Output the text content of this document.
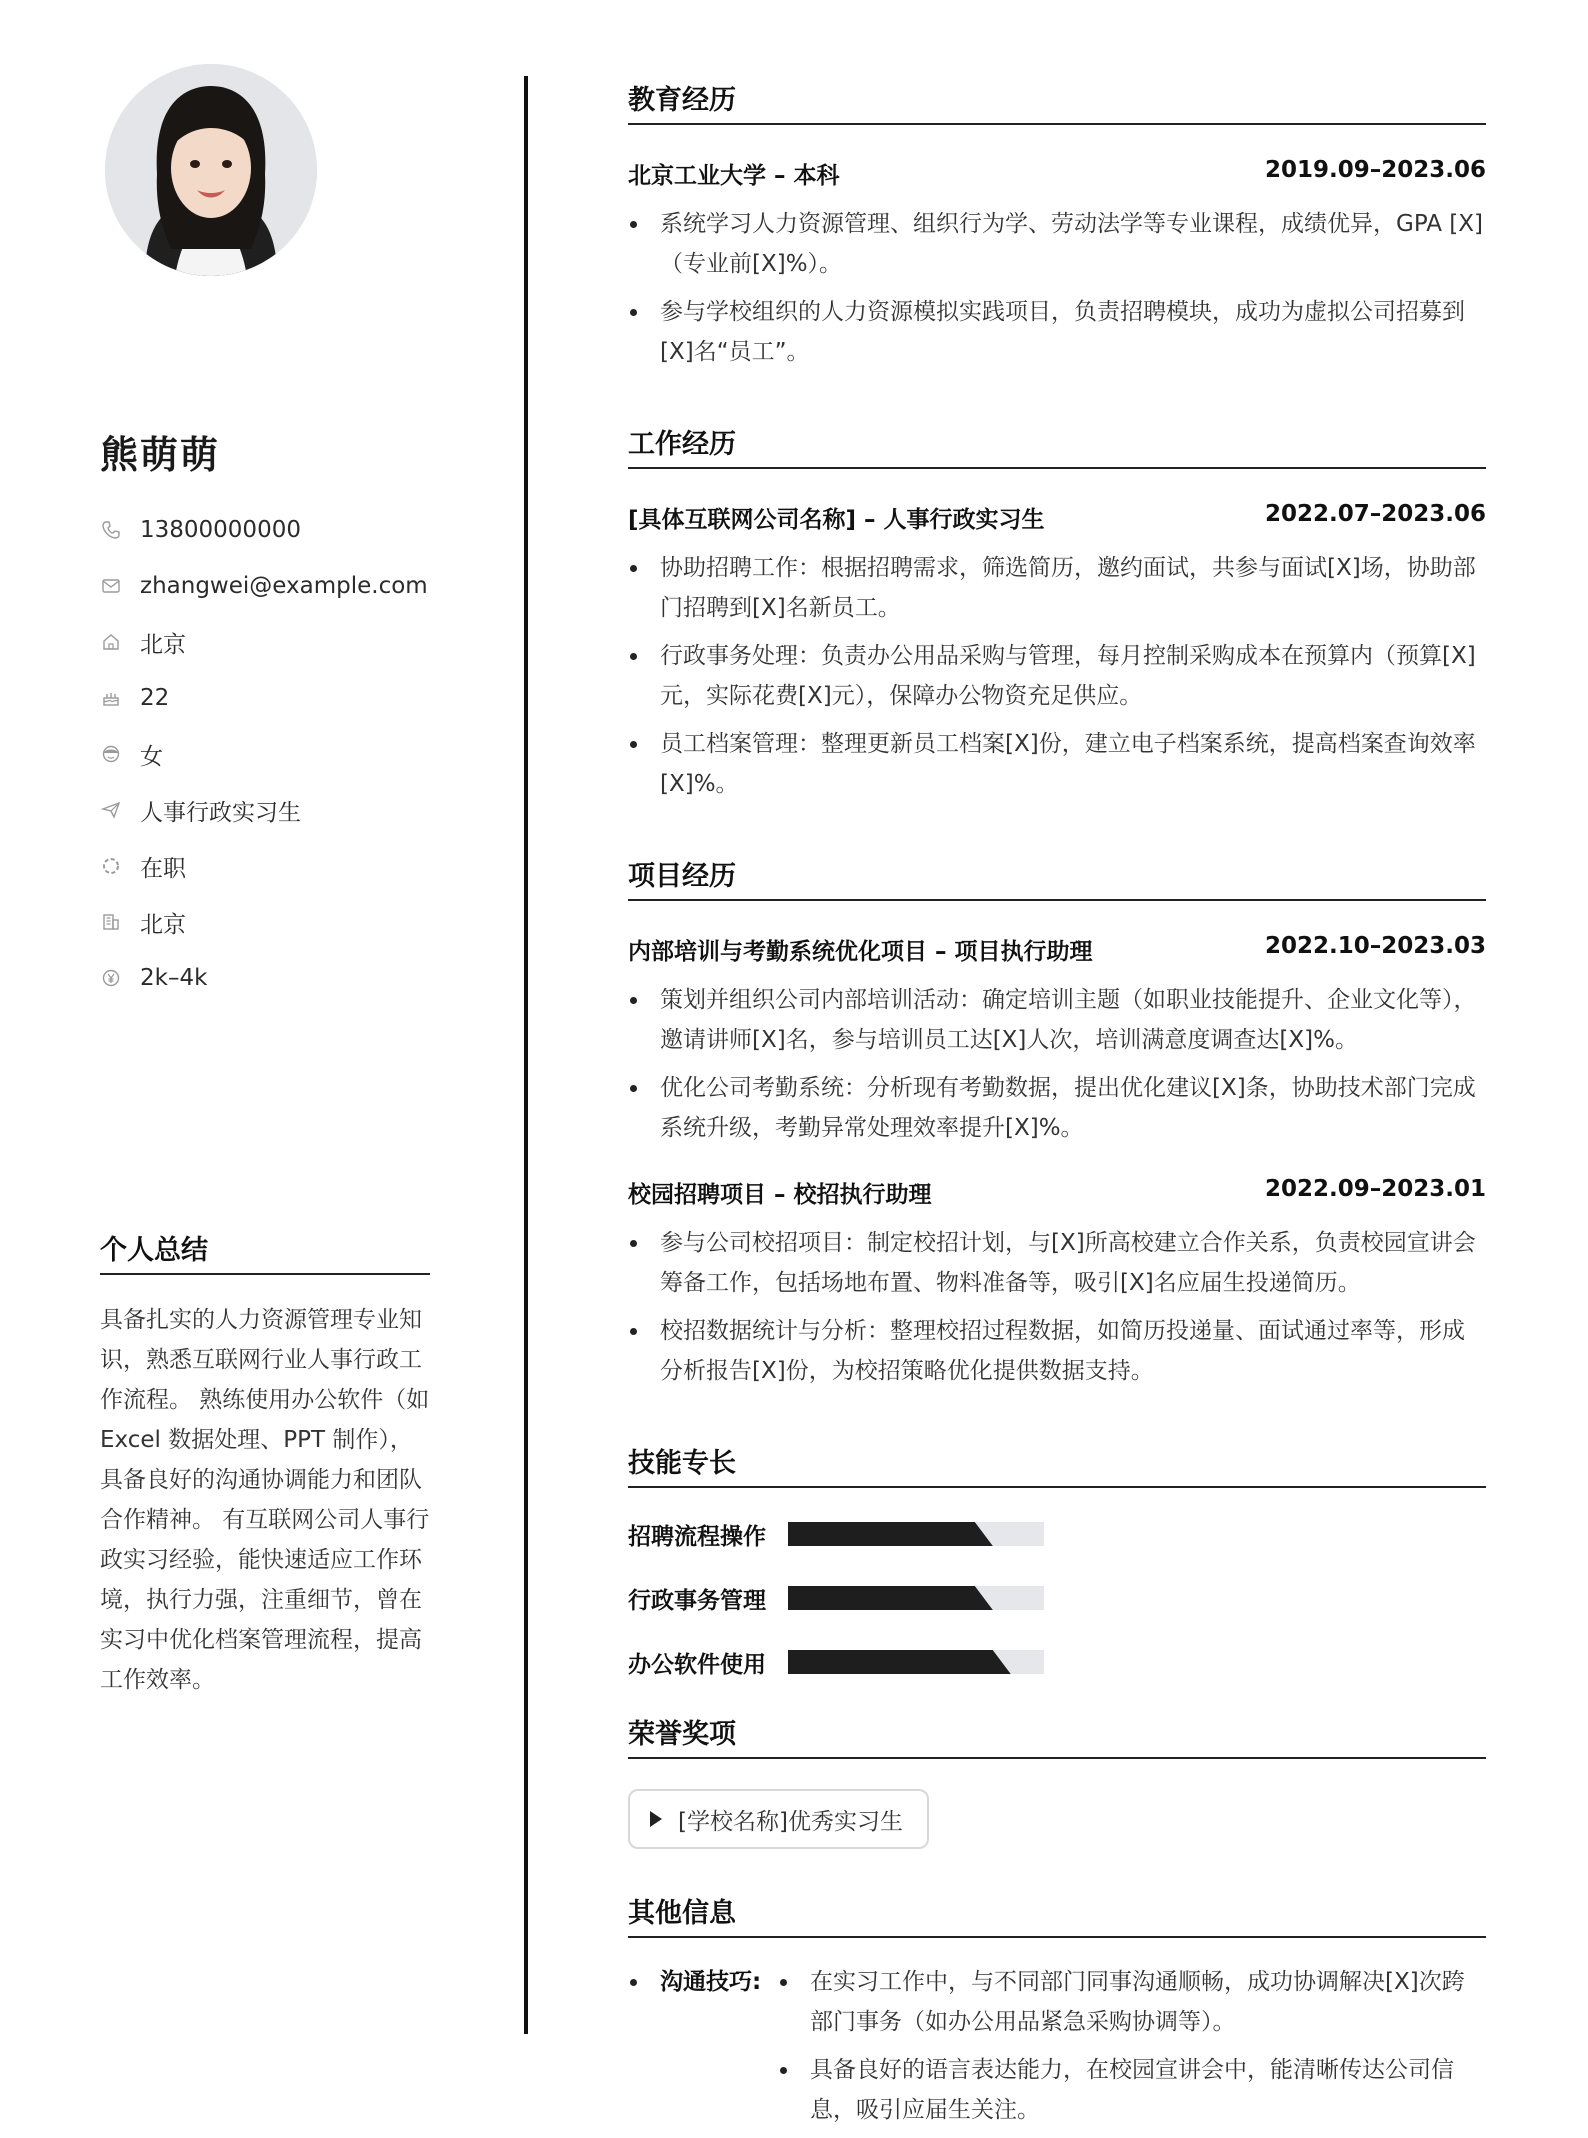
熊萌萌
13800000000
zhangwei@example.com
北京
22
女
人事行政实习生
在职
北京
2k–4k
个人总结
具备扎实的人力资源管理专业知识，熟悉互联网行业人事行政工作流程。 熟练使用办公软件（如 Excel 数据处理、PPT 制作），具备良好的沟通协调能力和团队合作精神。 有互联网公司人事行政实习经验，能快速适应工作环境，执行力强，注重细节，曾在实习中优化档案管理流程，提高工作效率。
教育经历
北京工业大学 – 本科	2019.09–2023.06
系统学习人力资源管理、组织行为学、劳动法学等专业课程，成绩优异，GPA [X]（专业前[X]%）。
参与学校组织的人力资源模拟实践项目，负责招聘模块，成功为虚拟公司招募到[X]名“员工”。
工作经历
[具体互联网公司名称] – 人事行政实习生	2022.07–2023.06
协助招聘工作：根据招聘需求，筛选简历，邀约面试，共参与面试[X]场，协助部门招聘到[X]名新员工。
行政事务处理：负责办公用品采购与管理，每月控制采购成本在预算内（预算[X]元，实际花费[X]元），保障办公物资充足供应。
员工档案管理：整理更新员工档案[X]份，建立电子档案系统，提高档案查询效率[X]%。
项目经历
内部培训与考勤系统优化项目 – 项目执行助理	2022.10–2023.03
策划并组织公司内部培训活动：确定培训主题（如职业技能提升、企业文化等），邀请讲师[X]名，参与培训员工达[X]人次，培训满意度调查达[X]%。
优化公司考勤系统：分析现有考勤数据，提出优化建议[X]条，协助技术部门完成系统升级，考勤异常处理效率提升[X]%。
校园招聘项目 – 校招执行助理	2022.09–2023.01
参与公司校招项目：制定校招计划，与[X]所高校建立合作关系，负责校园宣讲会筹备工作，包括场地布置、物料准备等，吸引[X]名应届生投递简历。
校招数据统计与分析：整理校招过程数据，如简历投递量、面试通过率等，形成分析报告[X]份，为校招策略优化提供数据支持。
技能专长
招聘流程操作
行政事务管理
办公软件使用
荣誉奖项
[学校名称]优秀实习生
其他信息
沟通技巧:	在实习工作中，与不同部门同事沟通顺畅，成功协调解决[X]次跨部门事务（如办公用品紧急采购协调等）。
具备良好的语言表达能力，在校园宣讲会中，能清晰传达公司信息，吸引应届生关注。
